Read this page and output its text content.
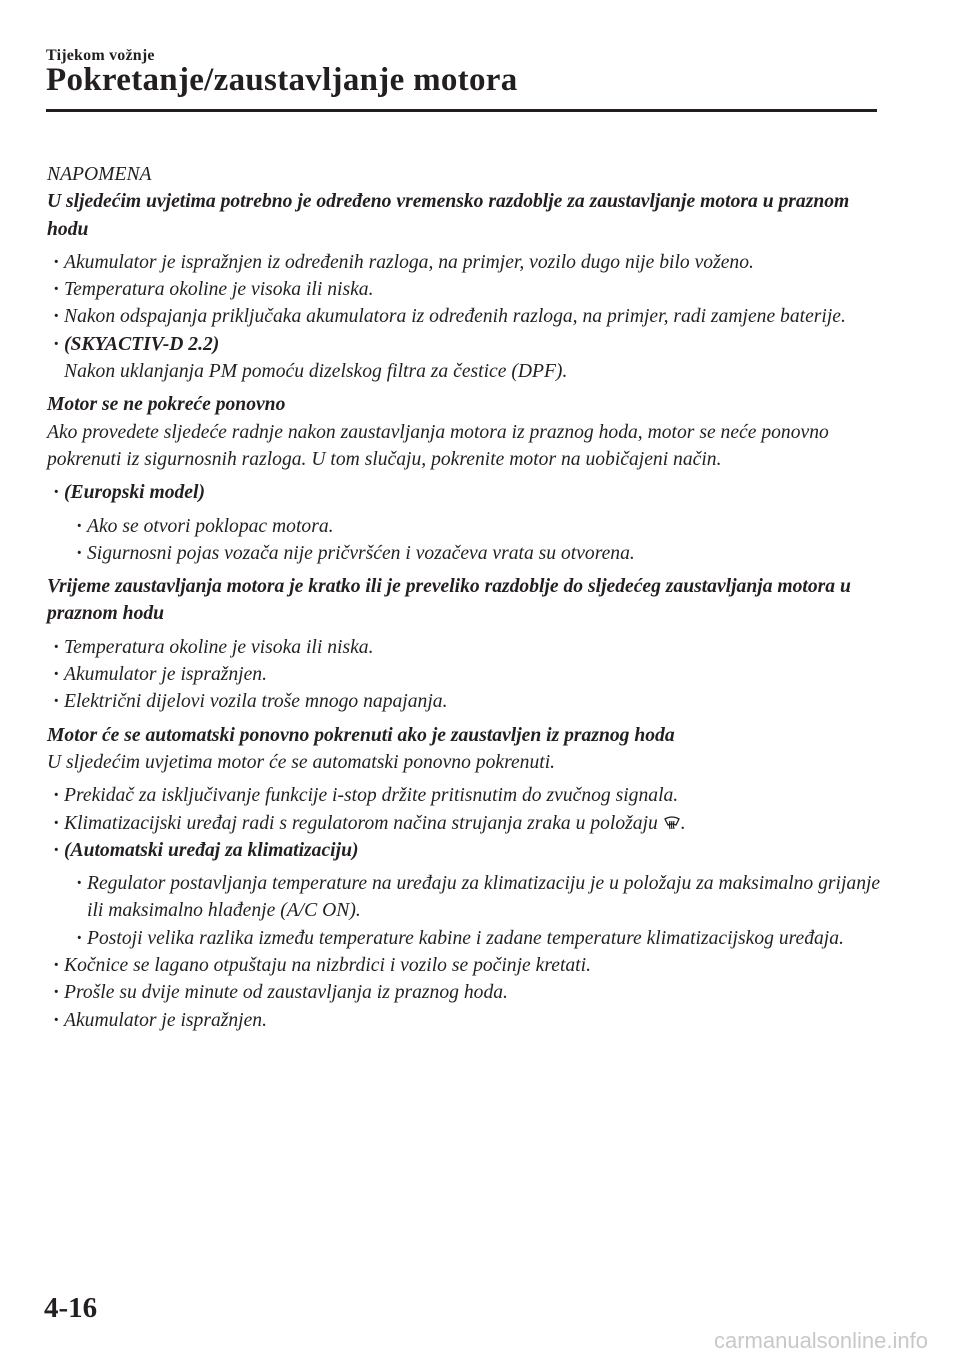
Tijekom vožnje
Pokretanje/zaustavljanje motora

NAPOMENA

U sljedećim uvjetima potrebno je određeno vremensko razdoblje za zaustavljanje motora u praznom hodu

· Akumulator je ispražnjen iz određenih razloga, na primjer, vozilo dugo nije bilo voženo.
· Temperatura okoline je visoka ili niska.
· Nakon odspajanja priključaka akumulatora iz određenih razloga, na primjer, radi zamjene baterije.
· (SKYACTIV-D 2.2)
Nakon uklanjanja PM pomoću dizelskog filtra za čestice (DPF).

Motor se ne pokreće ponovno

Ako provedete sljedeće radnje nakon zaustavljanja motora iz praznog hoda, motor se neće ponovno pokrenuti iz sigurnosnih razloga. U tom slučaju, pokrenite motor na uobičajeni način.

· (Europski model)
· Ako se otvori poklopac motora.
· Sigurnosni pojas vozača nije pričvršćen i vozačeva vrata su otvorena.

Vrijeme zaustavljanja motora je kratko ili je preveliko razdoblje do sljedećeg zaustavljanja motora u praznom hodu

· Temperatura okoline je visoka ili niska.
· Akumulator je ispražnjen.
· Električni dijelovi vozila troše mnogo napajanja.

Motor će se automatski ponovno pokrenuti ako je zaustavljen iz praznog hoda

U sljedećim uvjetima motor će se automatski ponovno pokrenuti.

· Prekidač za isključivanje funkcije i-stop držite pritisnutim do zvučnog signala.
· Klimatizacijski uređaj radi s regulatorom načina strujanja zraka u položaju .
· (Automatski uređaj za klimatizaciju)
· Regulator postavljanja temperature na uređaju za klimatizaciju je u položaju za maksimalno grijanje ili maksimalno hlađenje (A/C ON).
· Postoji velika razlika između temperature kabine i zadane temperature klimatizacijskog uređaja.
· Kočnice se lagano otpuštaju na nizbrdici i vozilo se počinje kretati.
· Prošle su dvije minute od zaustavljanja iz praznog hoda.
· Akumulator je ispražnjen.
4-16
carmanualsonline.info
